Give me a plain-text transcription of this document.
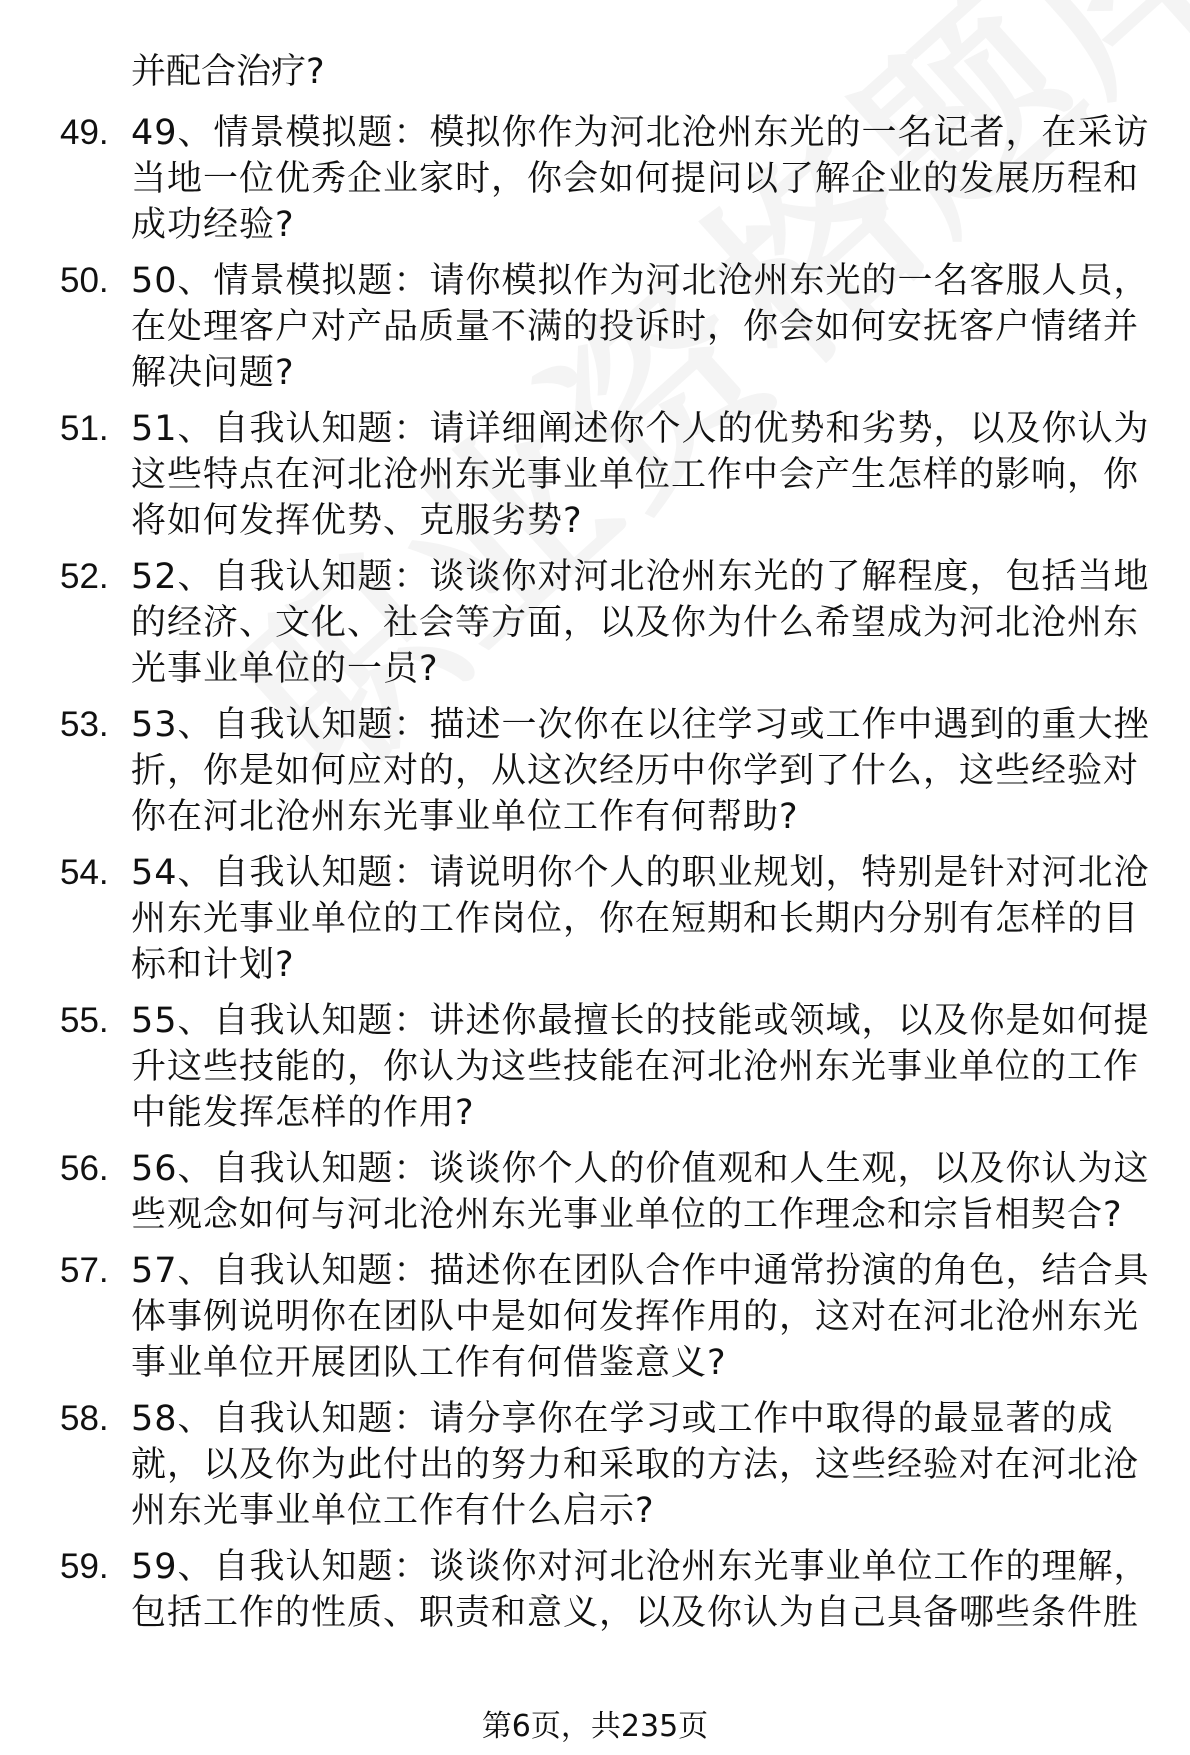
并配合治疗?
49. 49、情景模拟题：模拟你作为河北沧州东光的一名记者，在采访当地一位优秀企业家时，你会如何提问以了解企业的发展历程和成功经验?
50. 50、情景模拟题：请你模拟作为河北沧州东光的一名客服人员，在处理客户对产品质量不满的投诉时，你会如何安抚客户情绪并解决问题?
51. 51、自我认知题：请详细阐述你个人的优势和劣势，以及你认为这些特点在河北沧州东光事业单位工作中会产生怎样的影响，你将如何发挥优势、克服劣势?
52. 52、自我认知题：谈谈你对河北沧州东光的了解程度，包括当地的经济、文化、社会等方面，以及你为什么希望成为河北沧州东光事业单位的一员?
53. 53、自我认知题：描述一次你在以往学习或工作中遇到的重大挫折，你是如何应对的，从这次经历中你学到了什么，这些经验对你在河北沧州东光事业单位工作有何帮助?
54. 54、自我认知题：请说明你个人的职业规划，特别是针对河北沧州东光事业单位的工作岗位，你在短期和长期内分别有怎样的目标和计划?
55. 55、自我认知题：讲述你最擅长的技能或领域，以及你是如何提升这些技能的，你认为这些技能在河北沧州东光事业单位的工作中能发挥怎样的作用?
56. 56、自我认知题：谈谈你个人的价值观和人生观，以及你认为这些观念如何与河北沧州东光事业单位的工作理念和宗旨相契合?
57. 57、自我认知题：描述你在团队合作中通常扮演的角色，结合具体事例说明你在团队中是如何发挥作用的，这对在河北沧州东光事业单位开展团队工作有何借鉴意义?
58. 58、自我认知题：请分享你在学习或工作中取得的最显著的成就，以及你为此付出的努力和采取的方法，这些经验对在河北沧州东光事业单位工作有什么启示?
59. 59、自我认知题：谈谈你对河北沧州东光事业单位工作的理解，包括工作的性质、职责和意义，以及你认为自己具备哪些条件胜
第6页，共235页
